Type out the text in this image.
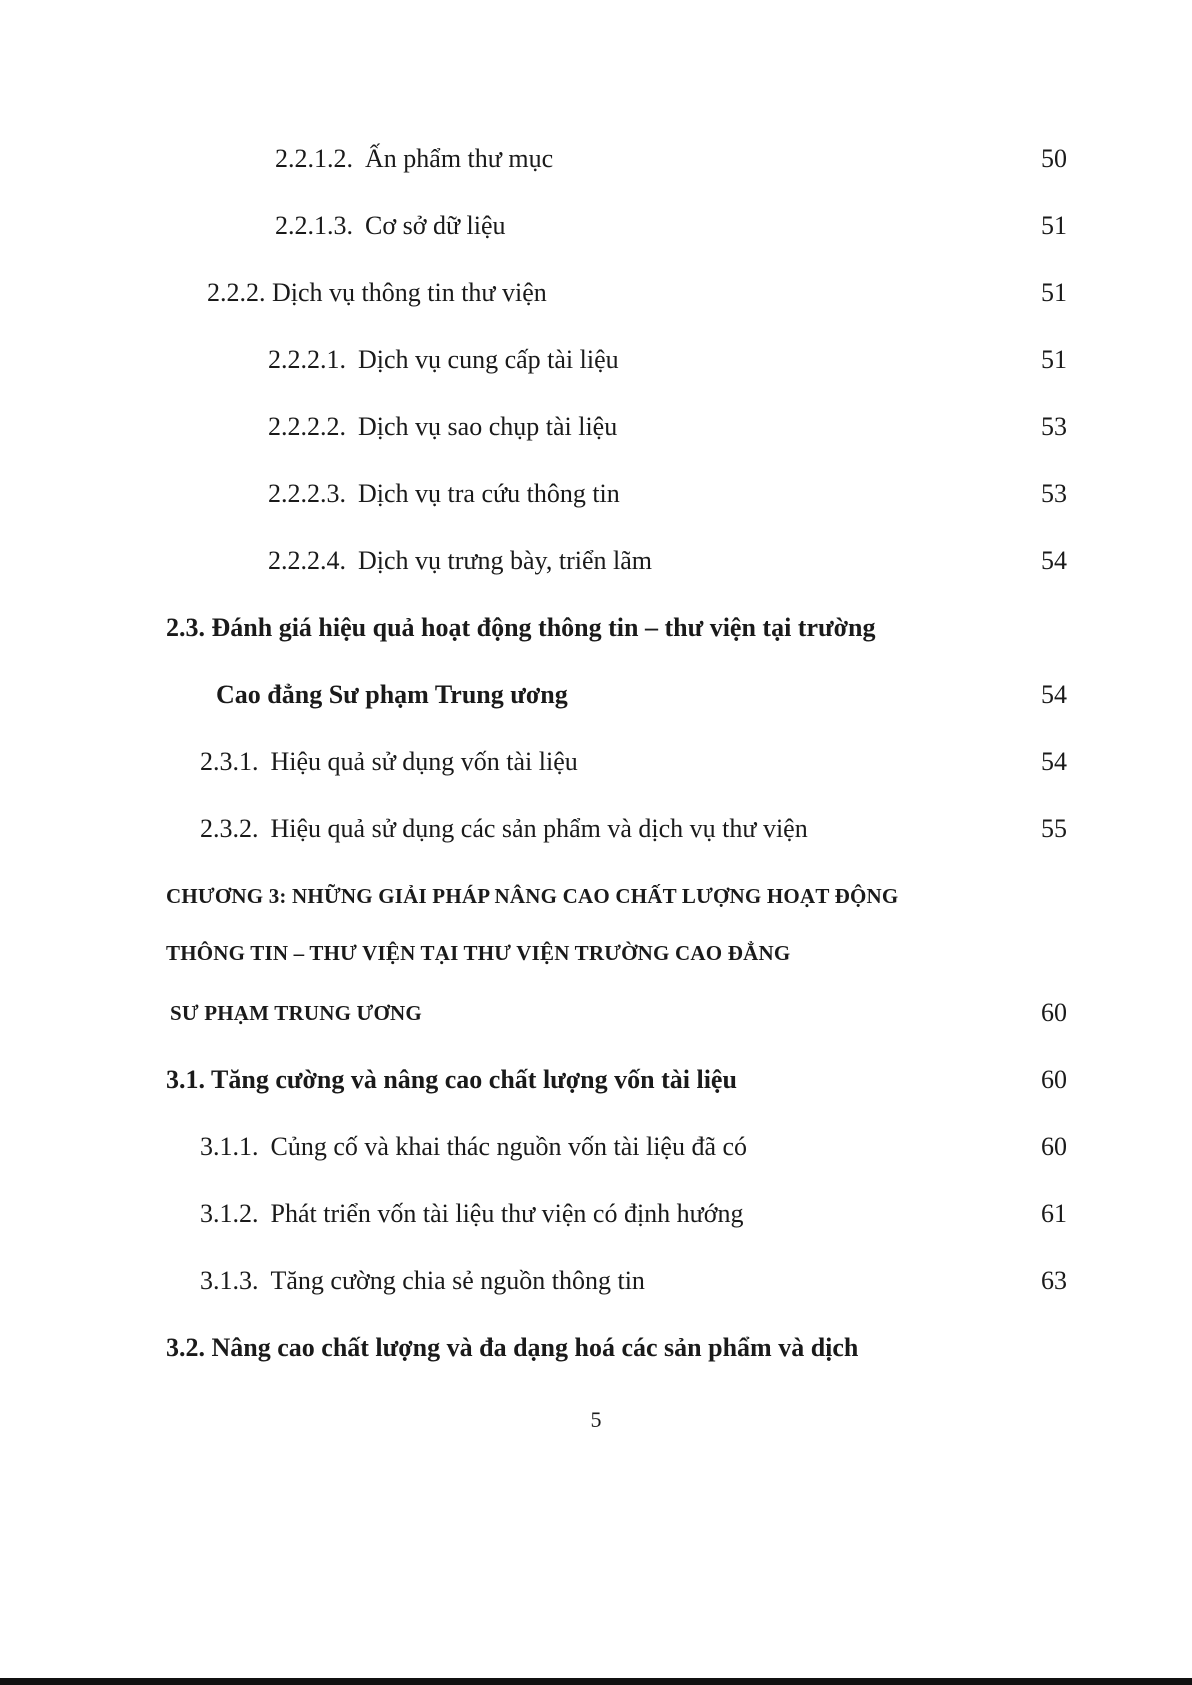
2.2.1.2. Ấn phẩm thư mục	50
2.2.1.3. Cơ sở dữ liệu	51
2.2.2. Dịch vụ thông tin thư viện	51
2.2.2.1. Dịch vụ cung cấp tài liệu	51
2.2.2.2. Dịch vụ sao chụp tài liệu	53
2.2.2.3. Dịch vụ tra cứu thông tin	53
2.2.2.4. Dịch vụ trưng bày, triển lãm	54
2.3. Đánh giá hiệu quả hoạt động thông tin – thư viện tại trường
Cao đẳng Sư phạm Trung ương	54
2.3.1. Hiệu quả sử dụng vốn tài liệu	54
2.3.2. Hiệu quả sử dụng các sản phẩm và dịch vụ thư viện	55
CHƯƠNG 3: NHỮNG GIẢI PHÁP NÂNG CAO CHẤT LƯỢNG HOẠT ĐỘNG
THÔNG TIN – THƯ VIỆN TẠI THƯ VIỆN TRƯỜNG CAO ĐẲNG
SƯ PHẠM TRUNG ƯƠNG	60
3.1. Tăng cường và nâng cao chất lượng vốn tài liệu	60
3.1.1. Củng cố và khai thác nguồn vốn tài liệu đã có	60
3.1.2. Phát triển vốn tài liệu thư viện có định hướng	61
3.1.3. Tăng cường chia sẻ nguồn thông tin	63
3.2. Nâng cao chất lượng và đa dạng hoá các sản phẩm và dịch
5
